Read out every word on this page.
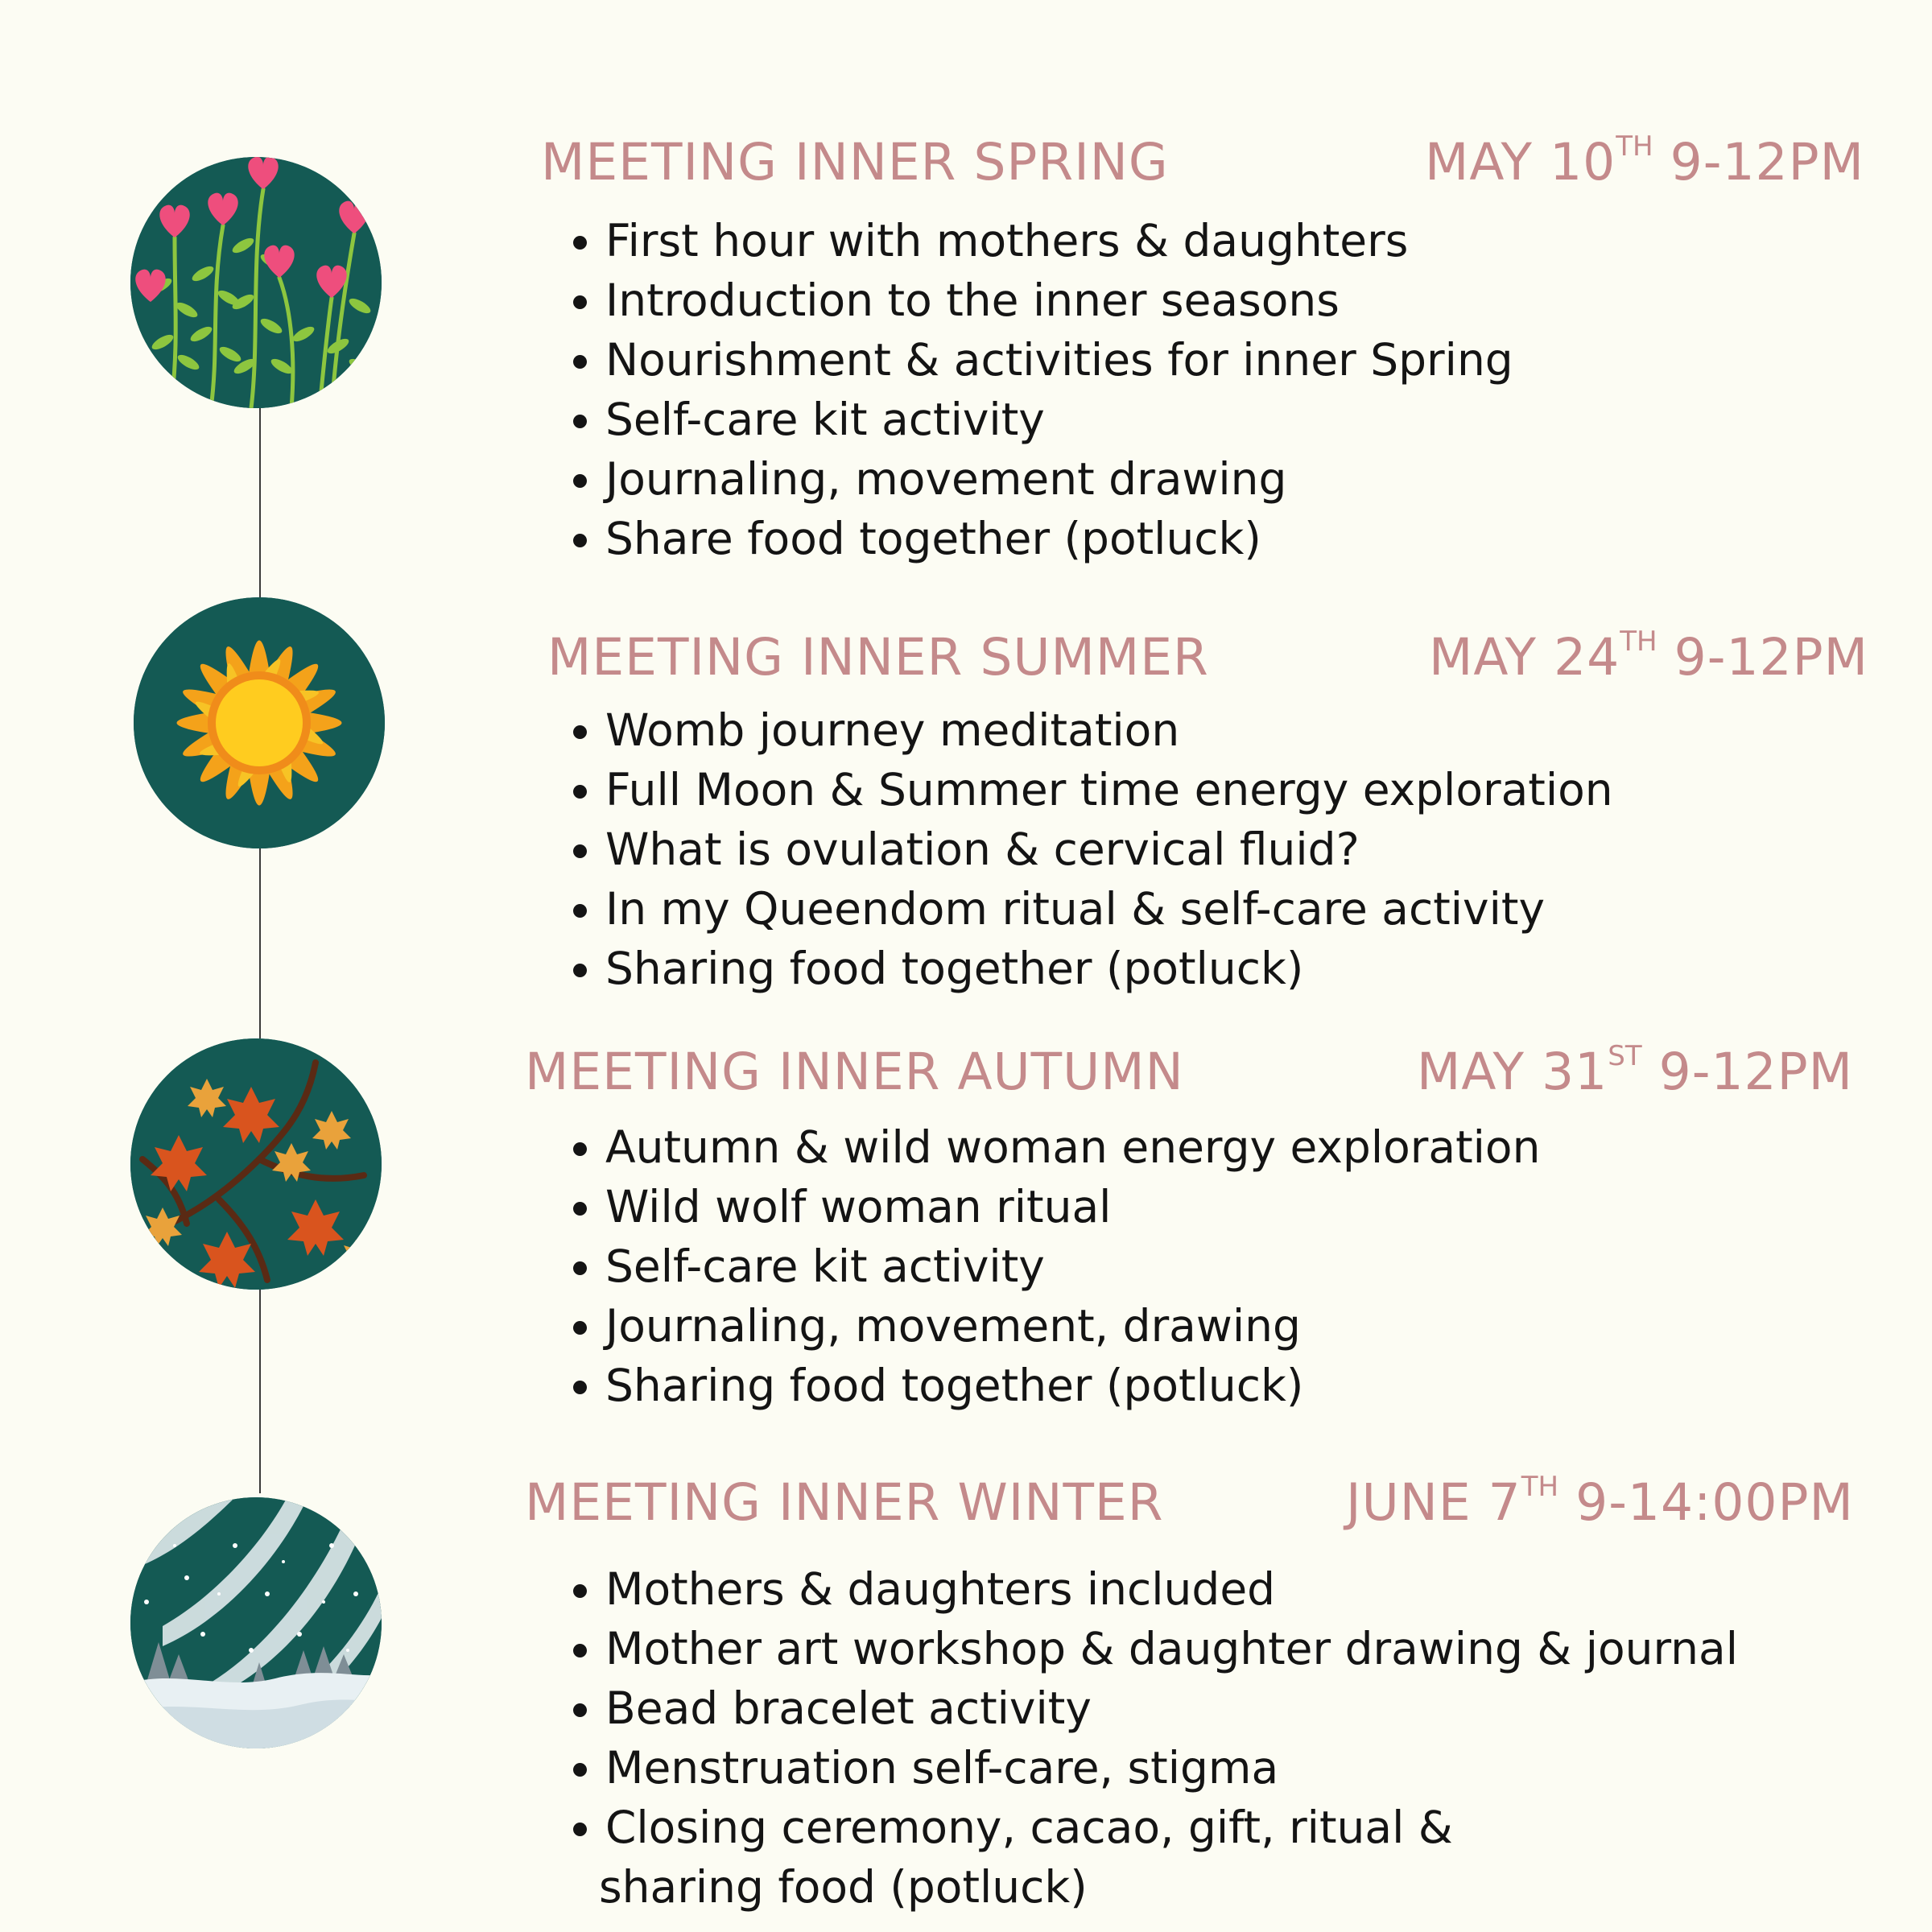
MEETING INNER SPRING	MAY 10TH 9-12PM
First hour with mothers & daughters
Introduction to the inner seasons
Nourishment & activities for inner Spring
Self-care kit activity
Journaling, movement drawing
Share food together (potluck)
MEETING INNER SUMMER	MAY 24TH 9-12PM
Womb journey meditation
Full Moon & Summer time energy exploration
What is ovulation & cervical fluid?
In my Queendom ritual & self-care activity
Sharing food together (potluck)
MEETING INNER AUTUMN	MAY 31ST 9-12PM
Autumn & wild woman energy exploration
Wild wolf woman ritual
Self-care kit activity
Journaling, movement, drawing
Sharing food together (potluck)
MEETING INNER WINTER	JUNE 7TH 9-14:00PM
Mothers & daughters included
Mother art workshop & daughter drawing & journal
Bead bracelet activity
Menstruation self-care, stigma
Closing ceremony, cacao, gift, ritual &
sharing food (potluck)
